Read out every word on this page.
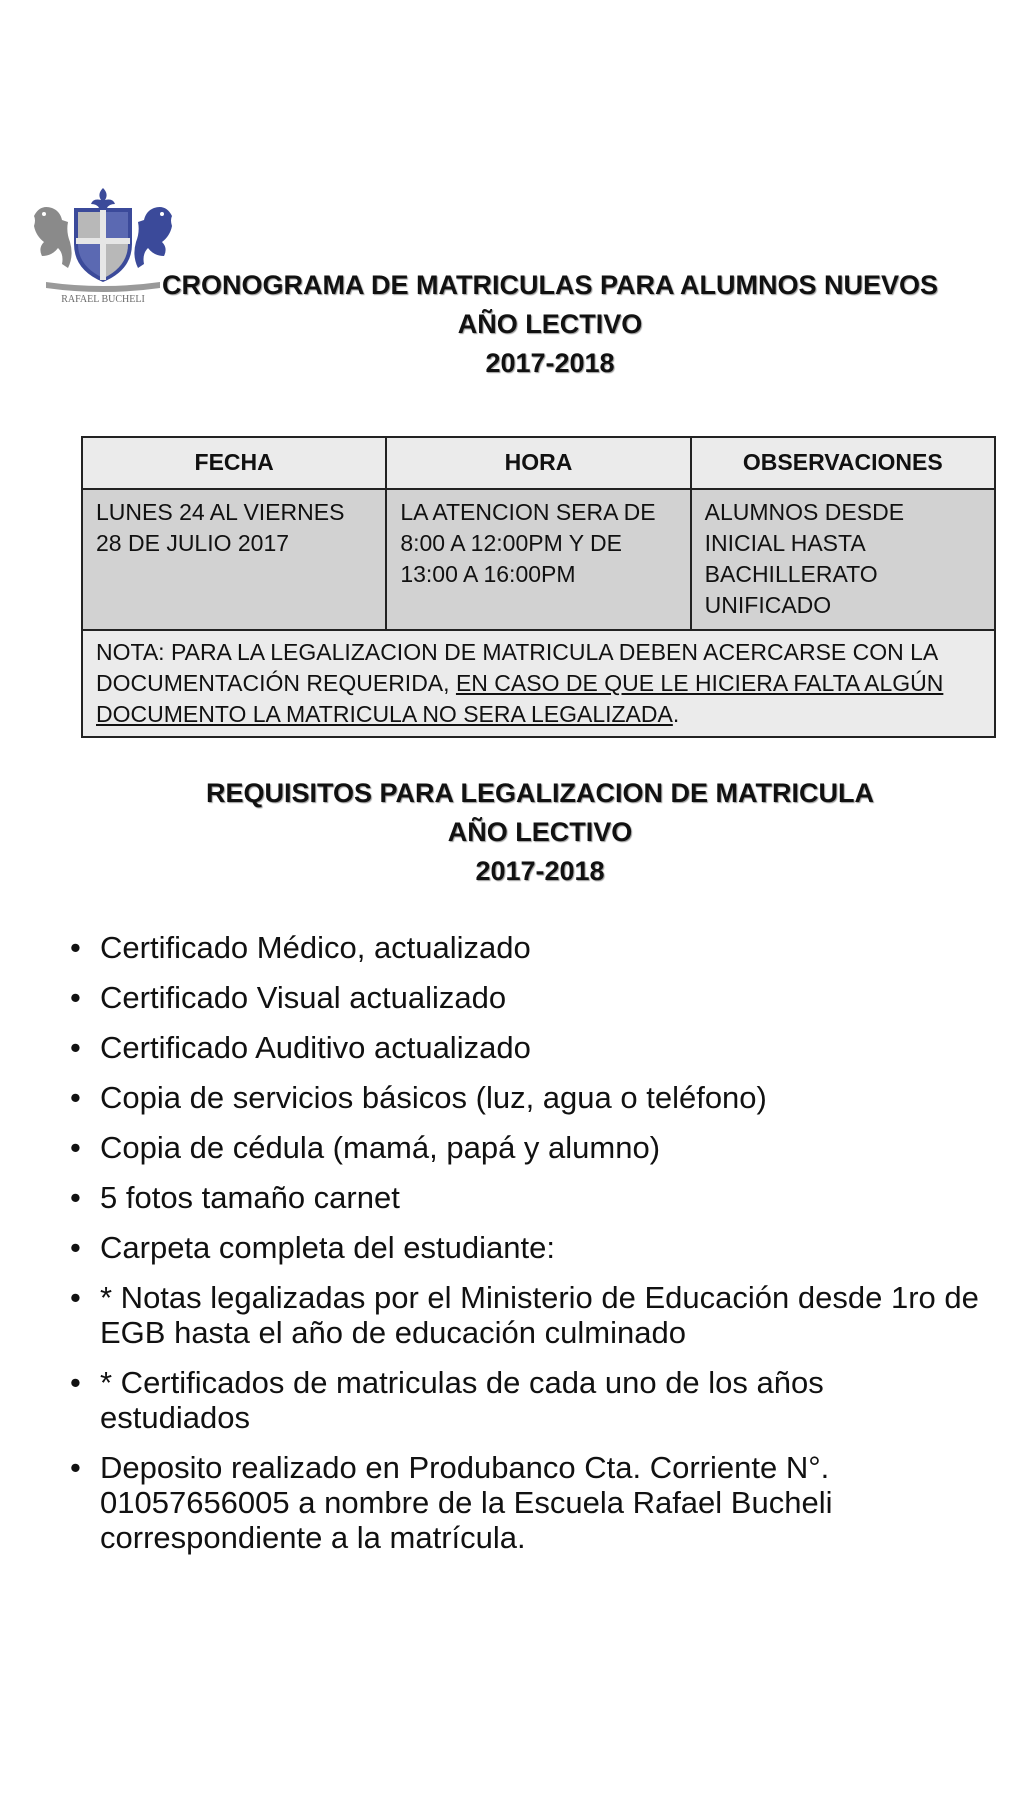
RAFAEL BUCHELI CRONOGRAMA DE MATRICULAS PARA ALUMNOS NUEVOS
AÑO LECTIVO
2017-2018
FECHA	HORA	OBSERVACIONES
LUNES 24 AL VIERNES 28 DE JULIO 2017	LA ATENCION SERA DE 8:00 A 12:00PM Y DE 13:00 A 16:00PM	ALUMNOS DESDE INICIAL HASTA BACHILLERATO UNIFICADO
NOTA: PARA LA LEGALIZACION DE MATRICULA DEBEN ACERCARSE CON LA DOCUMENTACIÓN REQUERIDA, EN CASO DE QUE LE HICIERA FALTA ALGÚN DOCUMENTO LA MATRICULA NO SERA LEGALIZADA.		
REQUISITOS PARA LEGALIZACION DE MATRICULA
AÑO LECTIVO
2017-2018
• Certificado Médico, actualizado
• Certificado Visual actualizado
• Certificado Auditivo actualizado
• Copia de servicios básicos (luz, agua o teléfono)
• Copia de cédula (mamá, papá y alumno)
• 5 fotos tamaño carnet
• Carpeta completa del estudiante:
• * Notas legalizadas por el Ministerio de Educación desde 1ro de EGB hasta el año de educación culminado
• * Certificados de matriculas de cada uno de los años estudiados
• Deposito realizado en Produbanco Cta. Corriente N°. 01057656005 a nombre de la Escuela Rafael Bucheli correspondiente a la matrícula.
